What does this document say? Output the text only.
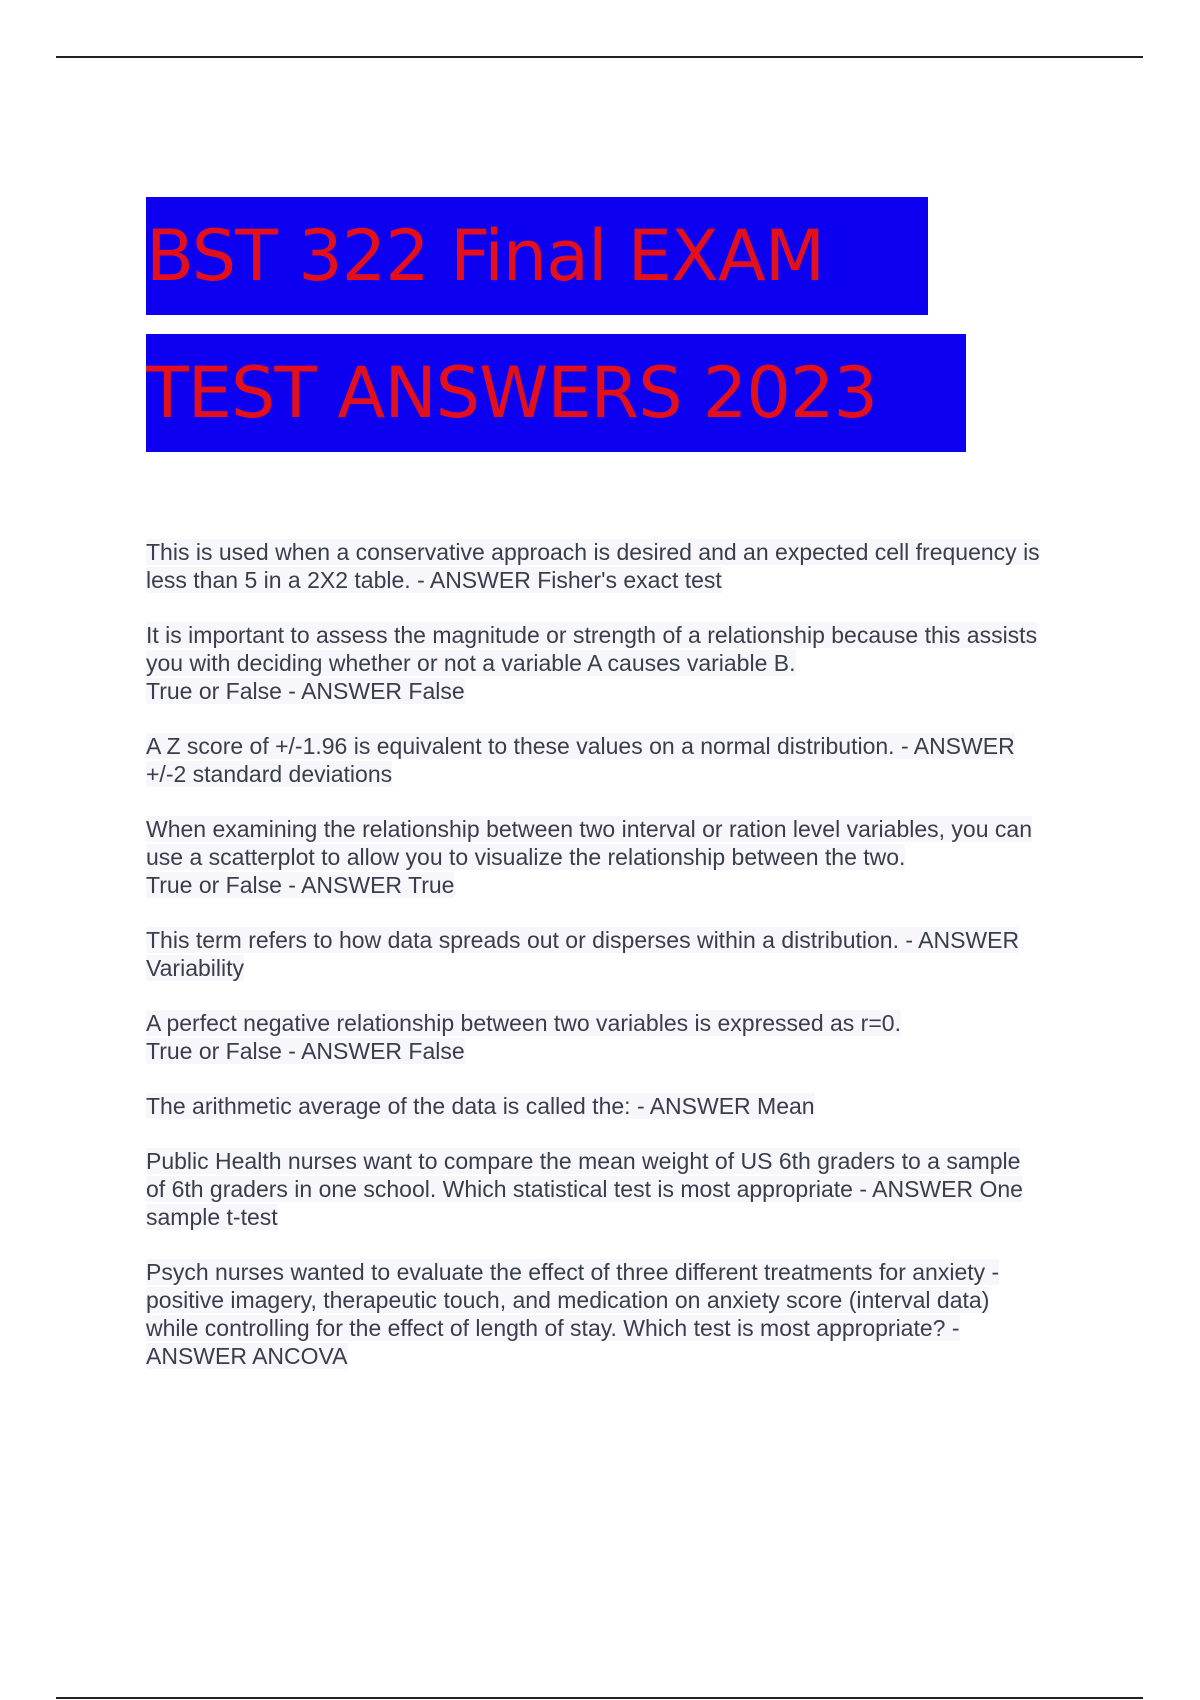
BST 322 Final EXAM
TEST ANSWERS 2023
This is used when a conservative approach is desired and an expected cell frequency is
less than 5 in a 2X2 table. - ANSWER Fisher's exact test
It is important to assess the magnitude or strength of a relationship because this assists
you with deciding whether or not a variable A causes variable B.
True or False - ANSWER False
A Z score of +/-1.96 is equivalent to these values on a normal distribution. - ANSWER
+/-2 standard deviations
When examining the relationship between two interval or ration level variables, you can
use a scatterplot to allow you to visualize the relationship between the two.
True or False - ANSWER True
This term refers to how data spreads out or disperses within a distribution. - ANSWER
Variability
A perfect negative relationship between two variables is expressed as r=0.
True or False - ANSWER False
The arithmetic average of the data is called the: - ANSWER Mean
Public Health nurses want to compare the mean weight of US 6th graders to a sample
of 6th graders in one school. Which statistical test is most appropriate - ANSWER One
sample t-test
Psych nurses wanted to evaluate the effect of three different treatments for anxiety -
positive imagery, therapeutic touch, and medication on anxiety score (interval data)
while controlling for the effect of length of stay. Which test is most appropriate? -
ANSWER ANCOVA
